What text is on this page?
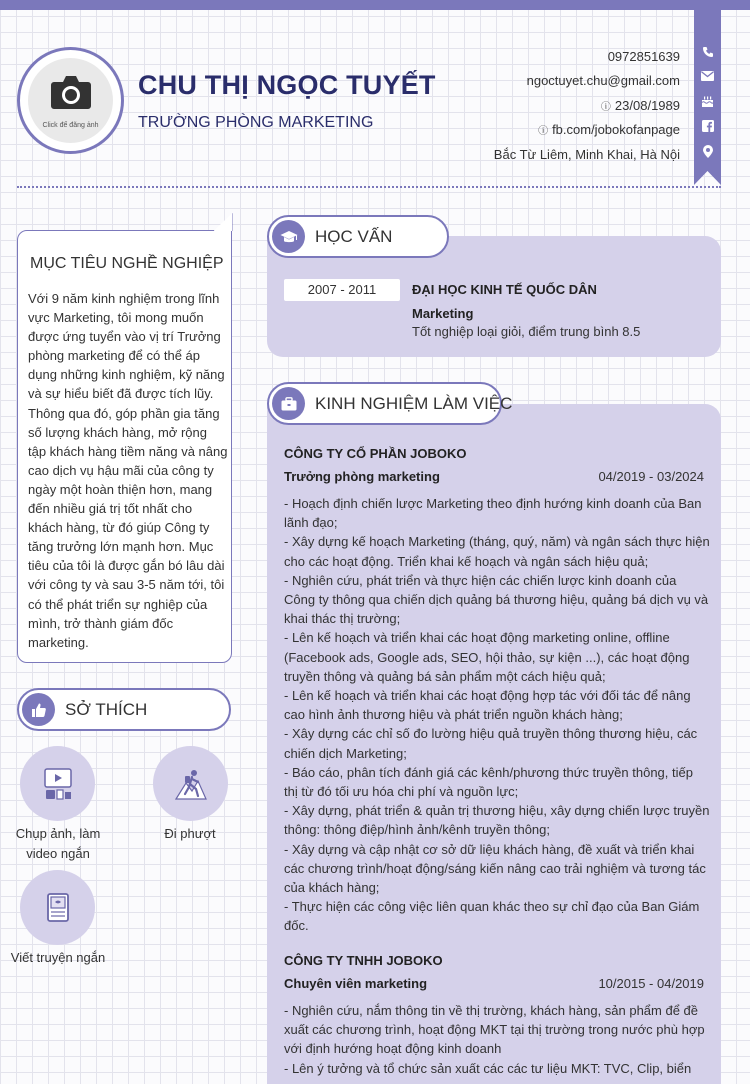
Click để đăng ảnh
CHU THỊ NGỌC TUYẾT
TRƯỜNG PHÒNG MARKETING
0972851639
ngoctuyet.chu@gmail.com
ⓘ 23/08/1989
ⓘ fb.com/jobokofanpage
Bắc Từ Liêm, Minh Khai, Hà Nội
MỤC TIÊU NGHỀ NGHIỆP
Với 9 năm kinh nghiệm trong lĩnh vực Marketing, tôi mong muốn được ứng tuyển vào vị trí Trưởng phòng marketing để có thể áp dụng những kinh nghiệm, kỹ năng và sự hiểu biết đã được tích lũy. Thông qua đó, góp phần gia tăng số lượng khách hàng, mở rộng tập khách hàng tiềm năng và nâng cao dịch vụ hậu mãi của công ty ngày một hoàn thiện hơn, mang đến nhiều giá trị tốt nhất cho khách hàng, từ đó giúp Công ty tăng trưởng lớn mạnh hơn. Mục tiêu của tôi là được gắn bó lâu dài với công ty và sau 3-5 năm tới, tôi có thể phát triển sự nghiệp của mình, trở thành giám đốc marketing.
SỞ THÍCH
Chụp ảnh, làm video ngắn
Đi phượt
Viết truyện ngắn
2007 - 2011	ĐẠI HỌC KINH TẾ QUỐC DÂN
Marketing
Tốt nghiệp loại giỏi, điểm trung bình 8.5
HỌC VẤN
CÔNG TY CỔ PHẦN JOBOKO
Trưởng phòng marketing	04/2019 - 03/2024
- Hoạch định chiến lược Marketing theo định hướng kinh doanh của Ban lãnh đạo;
- Xây dựng kế hoạch Marketing (tháng, quý, năm) và ngân sách thực hiện cho các hoạt động. Triển khai kế hoạch và ngân sách hiệu quả;
- Nghiên cứu, phát triển và thực hiện các chiến lược kinh doanh của Công ty thông qua chiến dịch quảng bá thương hiệu, quảng bá dịch vụ và khai thác thị trường;
- Lên kế hoạch và triển khai các hoạt động marketing online, offline (Facebook ads, Google ads, SEO, hội thảo, sự kiện ...), các hoạt động truyền thông và quảng bá sản phẩm một cách hiệu quả;
- Lên kế hoạch và triển khai các hoạt động hợp tác với đối tác để nâng cao hình ảnh thương hiệu và phát triển nguồn khách hàng;
- Xây dựng các chỉ số đo lường hiệu quả truyền thông thương hiệu, các chiến dịch Marketing;
- Báo cáo, phân tích đánh giá các kênh/phương thức truyền thông, tiếp thị từ đó tối ưu hóa chi phí và nguồn lực;
- Xây dựng, phát triển & quản trị thương hiệu, xây dựng chiến lược truyền thông: thông điệp/hình ảnh/kênh truyền thông;
- Xây dựng và cập nhật cơ sở dữ liệu khách hàng, đề xuất và triển khai các chương trình/hoạt động/sáng kiến nâng cao trải nghiệm và tương tác của khách hàng;
- Thực hiện các công việc liên quan khác theo sự chỉ đạo của Ban Giám đốc.
CÔNG TY TNHH JOBOKO
Chuyên viên marketing	10/2015 - 04/2019
- Nghiên cứu, nắm thông tin về thị trường, khách hàng, sản phẩm để đề xuất các chương trình, hoạt động MKT tại thị trường trong nước phù hợp với định hướng hoạt động kinh doanh
- Lên ý tưởng và tổ chức sản xuất các các tư liệu MKT: TVC, Clip, biển
KINH NGHIỆM LÀM VIỆC
